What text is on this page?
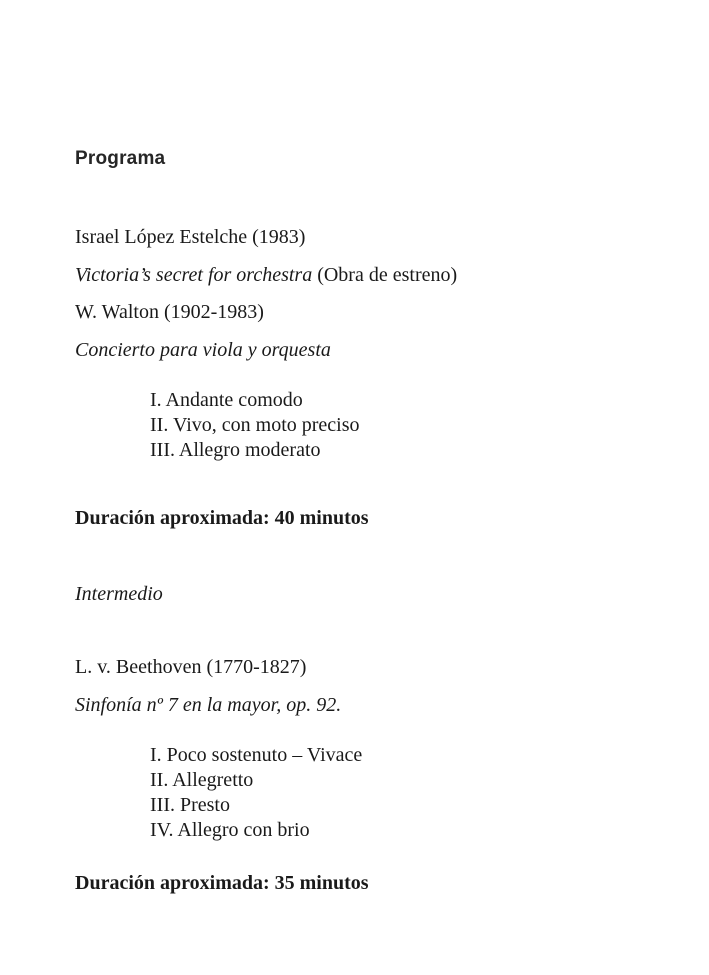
Programa

Israel López Estelche (1983)

Victoria’s secret for orchestra (Obra de estreno)

W. Walton (1902-1983)

Concierto para viola y orquesta

I. Andante comodo
II. Vivo, con moto preciso
III. Allegro moderato

Duración aproximada: 40 minutos

Intermedio

L. v. Beethoven (1770-1827)

Sinfonía nº 7 en la mayor, op. 92.

I. Poco sostenuto – Vivace
II. Allegretto
III. Presto
IV. Allegro con brio

Duración aproximada: 35 minutos
